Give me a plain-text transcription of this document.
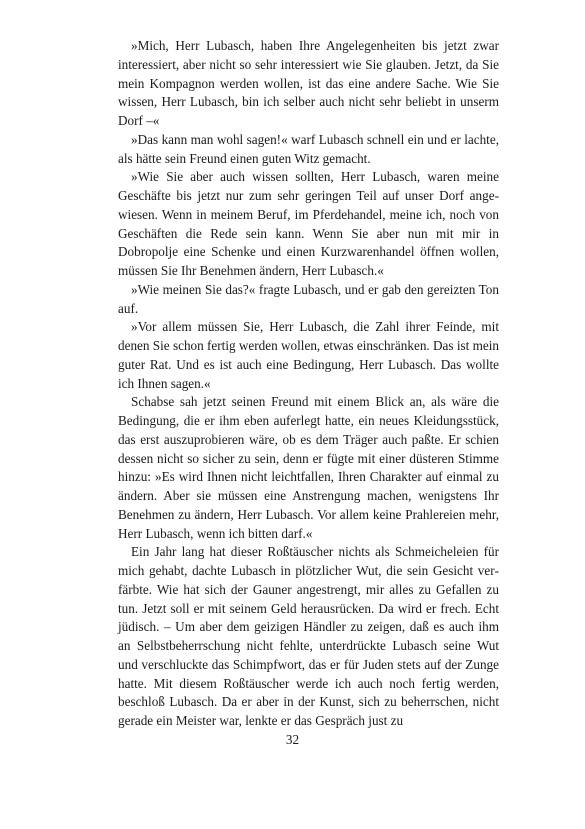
»Mich, Herr Lubasch, haben Ihre Angelegenheiten bis jetzt zwar interessiert, aber nicht so sehr interessiert wie Sie glauben. Jetzt, da Sie mein Kompagnon werden wollen, ist das eine andere Sache. Wie Sie wissen, Herr Lubasch, bin ich selber auch nicht sehr beliebt in unserm Dorf –«

»Das kann man wohl sagen!« warf Lubasch schnell ein und er lachte, als hätte sein Freund einen guten Witz gemacht.

»Wie Sie aber auch wissen sollten, Herr Lubasch, waren meine Geschäfte bis jetzt nur zum sehr geringen Teil auf unser Dorf angewiesen. Wenn in meinem Beruf, im Pferdehandel, meine ich, noch von Geschäften die Rede sein kann. Wenn Sie aber nun mit mir in Dobropolje eine Schenke und einen Kurzwarenhandel öffnen wollen, müssen Sie Ihr Benehmen ändern, Herr Lubasch.«

»Wie meinen Sie das?« fragte Lubasch, und er gab den gereizten Ton auf.

»Vor allem müssen Sie, Herr Lubasch, die Zahl ihrer Feinde, mit denen Sie schon fertig werden wollen, etwas einschränken. Das ist mein guter Rat. Und es ist auch eine Bedingung, Herr Lubasch. Das wollte ich Ihnen sagen.«

Schabse sah jetzt seinen Freund mit einem Blick an, als wäre die Bedingung, die er ihm eben auferlegt hatte, ein neues Kleidungsstück, das erst auszuprobieren wäre, ob es dem Träger auch paßte. Er schien dessen nicht so sicher zu sein, denn er fügte mit einer düsteren Stimme hinzu: »Es wird Ihnen nicht leichtfallen, Ihren Charakter auf einmal zu ändern. Aber sie müssen eine Anstrengung machen, wenigstens Ihr Benehmen zu ändern, Herr Lubasch. Vor allem keine Prahlereien mehr, Herr Lubasch, wenn ich bitten darf.«

Ein Jahr lang hat dieser Roßtäuscher nichts als Schmeicheleien für mich gehabt, dachte Lubasch in plötzlicher Wut, die sein Gesicht verfärbte. Wie hat sich der Gauner angestrengt, mir alles zu Gefallen zu tun. Jetzt soll er mit seinem Geld herausrücken. Da wird er frech. Echt jüdisch. – Um aber dem geizigen Händler zu zeigen, daß es auch ihm an Selbstbeherrschung nicht fehlte, unterdrückte Lubasch seine Wut und verschluckte das Schimpfwort, das er für Juden stets auf der Zunge hatte. Mit diesem Roßtäuscher werde ich auch noch fertig werden, beschloß Lubasch. Da er aber in der Kunst, sich zu beherrschen, nicht gerade ein Meister war, lenkte er das Gespräch just zu

32
